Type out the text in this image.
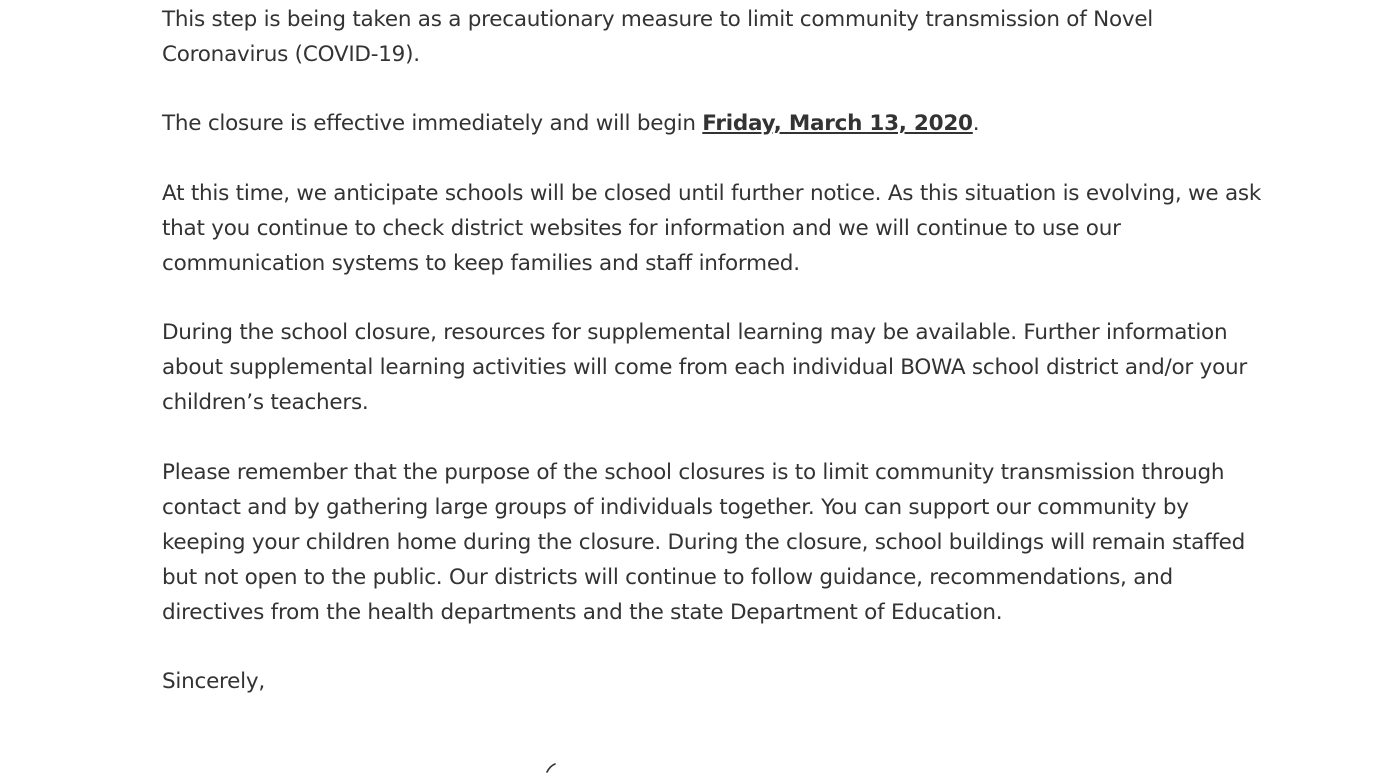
This step is being taken as a precautionary measure to limit community transmission of Novel
Coronavirus (COVID-19).
The closure is effective immediately and will begin Friday, March 13, 2020.
At this time, we anticipate schools will be closed until further notice. As this situation is evolving, we ask
that you continue to check district websites for information and we will continue to use our
communication systems to keep families and staff informed.
During the school closure, resources for supplemental learning may be available. Further information
about supplemental learning activities will come from each individual BOWA school district and/or your
children’s teachers.
Please remember that the purpose of the school closures is to limit community transmission through
contact and by gathering large groups of individuals together. You can support our community by
keeping your children home during the closure. During the closure, school buildings will remain staffed
but not open to the public. Our districts will continue to follow guidance, recommendations, and
directives from the health departments and the state Department of Education.
Sincerely,
